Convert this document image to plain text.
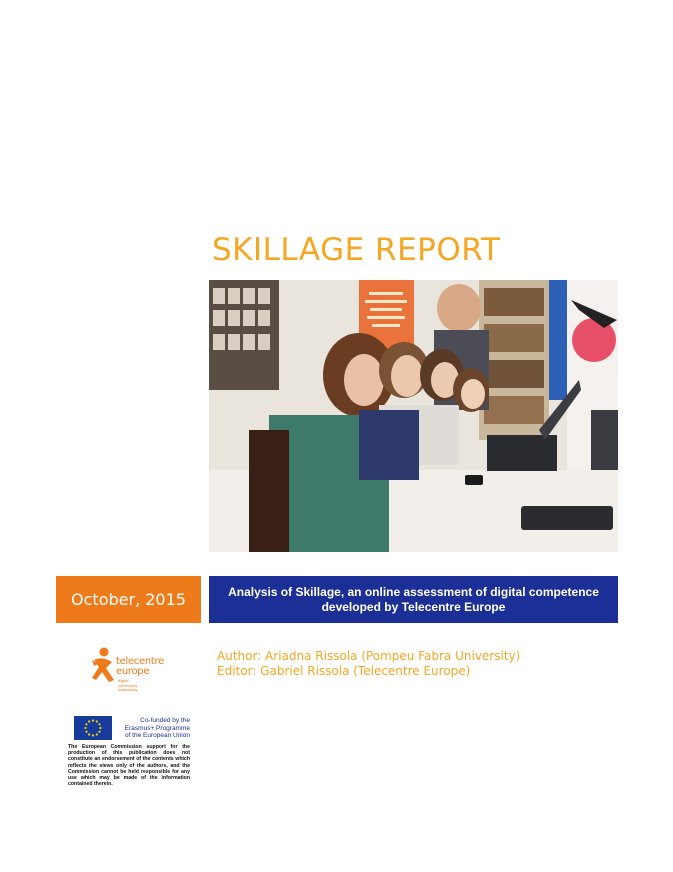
SKILLAGE REPORT
October, 2015	Analysis of Skillage, an online assessment of digital competence
developed by Telecentre Europe
Author: Ariadna Rissola (Pompeu Fabra University)
Editor: Gabriel Rissola (Telecentre Europe)
telecentre
europe
digital
community
networking
Co-funded by the
Erasmus+ Programme
of the European Union
The European Commission support for the production of this publication does not constitute an endorsement of the contents which reflects the views only of the authors, and the Commission cannot be held responsible for any use which may be made of the information contained therein.
